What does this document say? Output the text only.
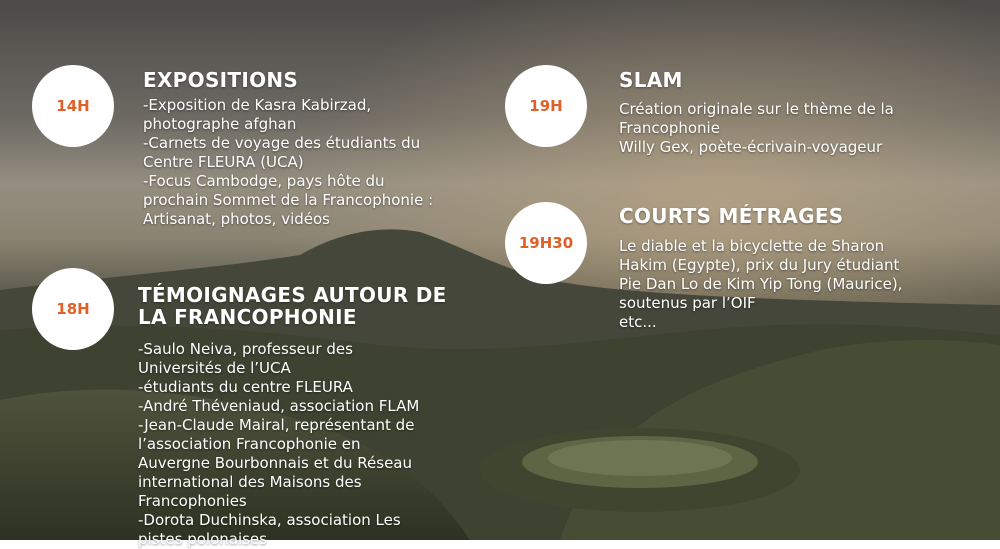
14H
EXPOSITIONS
-Exposition de Kasra Kabirzad,
photographe afghan
-Carnets de voyage des étudiants du
Centre FLEURA (UCA)
-Focus Cambodge, pays hôte du
prochain Sommet de la Francophonie :
Artisanat, photos, vidéos
18H
TÉMOIGNAGES AUTOUR DE
LA FRANCOPHONIE
-Saulo Neiva, professeur des
Universités de l’UCA
-étudiants du centre FLEURA
-André Théveniaud, association FLAM
-Jean-Claude Mairal, représentant de
l’association Francophonie en
Auvergne Bourbonnais et du Réseau
international des Maisons des
Francophonies
-Dorota Duchinska, association Les
pistes polonaises
19H
SLAM
Création originale sur le thème de la
Francophonie
Willy Gex, poète-écrivain-voyageur
19H30
COURTS MÉTRAGES
Le diable et la bicyclette de Sharon
Hakim (Egypte), prix du Jury étudiant
Pie Dan Lo de Kim Yip Tong (Maurice),
soutenus par l’OIF
etc...
